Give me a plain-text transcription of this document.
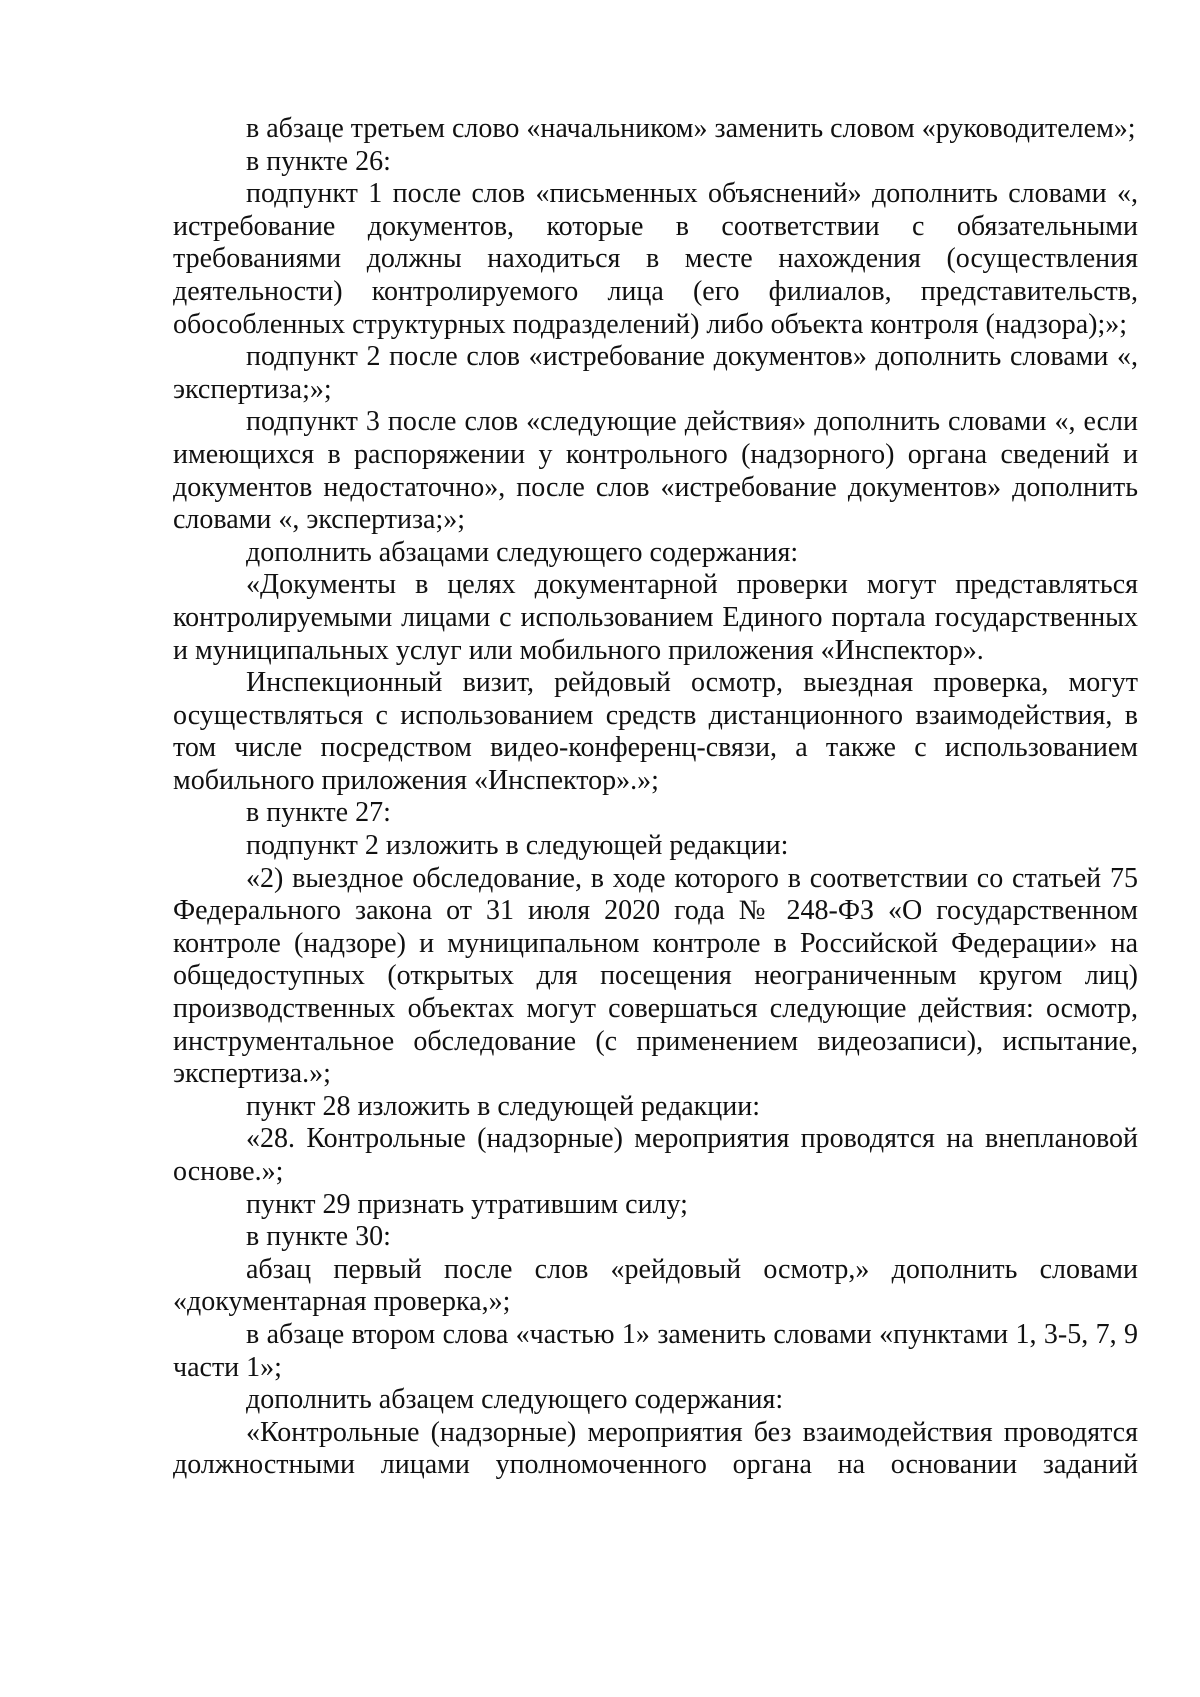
в абзаце третьем слово «начальником» заменить словом «руководителем»;

в пункте 26:

подпункт 1 после слов «письменных объяснений» дополнить словами «, истребование документов, которые в соответствии с обязательными требованиями должны находиться в месте нахождения (осуществления деятельности) контролируемого лица (его филиалов, представительств, обособленных структурных подразделений) либо объекта контроля (надзора);»;

подпункт 2 после слов «истребование документов» дополнить словами «, экспертиза;»;

подпункт 3 после слов «следующие действия» дополнить словами «, если имеющихся в распоряжении у контрольного (надзорного) органа сведений и документов недостаточно», после слов «истребование документов» дополнить словами «, экспертиза;»;

дополнить абзацами следующего содержания:

«Документы в целях документарной проверки могут представляться контролируемыми лицами с использованием Единого портала государственных и муниципальных услуг или мобильного приложения «Инспектор».

Инспекционный визит, рейдовый осмотр, выездная проверка, могут осуществляться с использованием средств дистанционного взаимодействия, в том числе посредством видео-конференц-связи, а также с использованием мобильного приложения «Инспектор».»;

в пункте 27:

подпункт 2 изложить в следующей редакции:

«2) выездное обследование, в ходе которого в соответствии со статьей 75 Федерального закона от 31 июля 2020 года № 248-ФЗ «О государственном контроле (надзоре) и муниципальном контроле в Российской Федерации» на общедоступных (открытых для посещения неограниченным кругом лиц) производственных объектах могут совершаться следующие действия: осмотр, инструментальное обследование (с применением видеозаписи), испытание, экспертиза.»;

пункт 28 изложить в следующей редакции:

«28. Контрольные (надзорные) мероприятия проводятся на внеплановой основе.»;

пункт 29 признать утратившим силу;

в пункте 30:

абзац первый после слов «рейдовый осмотр,» дополнить словами «документарная проверка,»;

в абзаце втором слова «частью 1» заменить словами «пунктами 1, 3-5, 7, 9 части 1»;

дополнить абзацем следующего содержания:

«Контрольные (надзорные) мероприятия без взаимодействия проводятся должностными лицами уполномоченного органа на основании заданий
